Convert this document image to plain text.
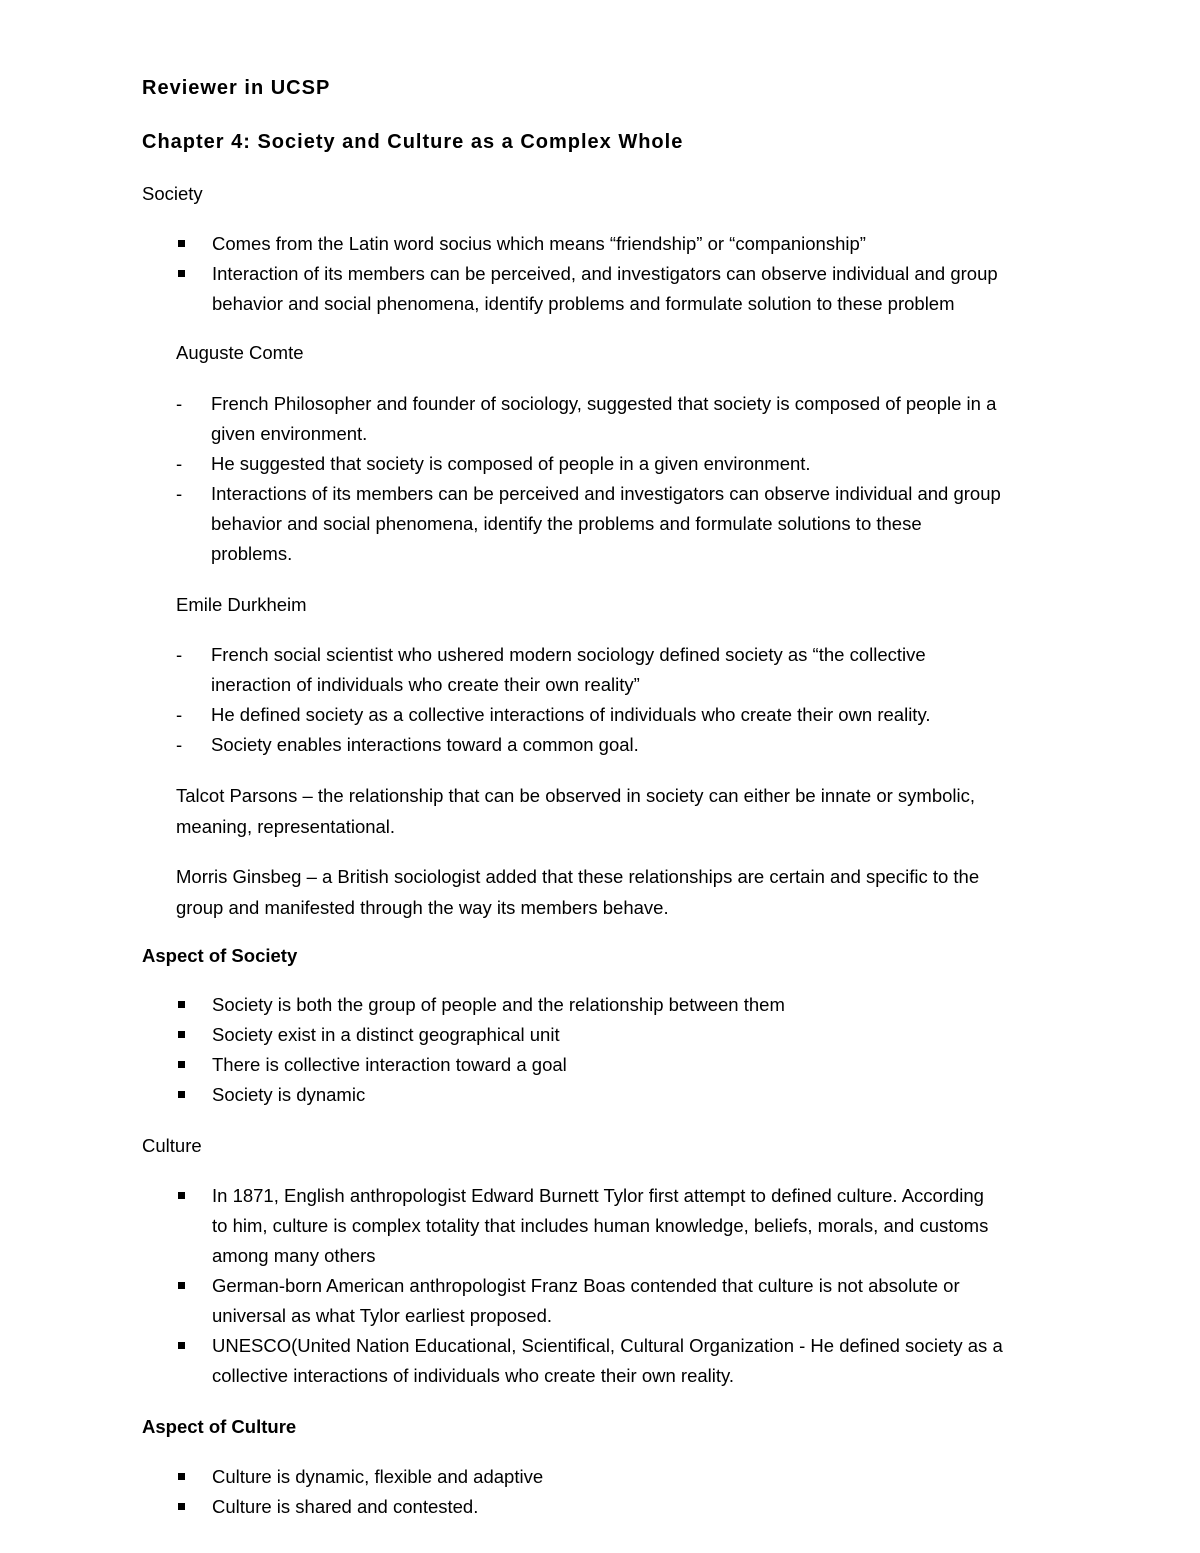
Reviewer in UCSP

Chapter 4: Society and Culture as a Complex Whole

Society

Comes from the Latin word socius which means “friendship” or “companionship”
Interaction of its members can be perceived, and investigators can observe individual and group
behavior and social phenomena, identify problems and formulate solution to these problem

Auguste Comte

- French Philosopher and founder of sociology, suggested that society is composed of people in a
given environment.
- He suggested that society is composed of people in a given environment.
- Interactions of its members can be perceived and investigators can observe individual and group
behavior and social phenomena, identify the problems and formulate solutions to these
problems.

Emile Durkheim

- French social scientist who ushered modern sociology defined society as “the collective
ineraction of individuals who create their own reality”
- He defined society as a collective interactions of individuals who create their own reality.
- Society enables interactions toward a common goal.
Talcot Parsons – the relationship that can be observed in society can either be innate or symbolic,
meaning, representational.
Morris Ginsbeg – a British sociologist added that these relationships are certain and specific to the
group and manifested through the way its members behave.

Aspect of Society

Society is both the group of people and the relationship between them
Society exist in a distinct geographical unit
There is collective interaction toward a goal
Society is dynamic

Culture

In 1871, English anthropologist Edward Burnett Tylor first attempt to defined culture. According
to him, culture is complex totality that includes human knowledge, beliefs, morals, and customs
among many others
German-born American anthropologist Franz Boas contended that culture is not absolute or
universal as what Tylor earliest proposed.
UNESCO(United Nation Educational, Scientifical, Cultural Organization - He defined society as a
collective interactions of individuals who create their own reality.

Aspect of Culture

Culture is dynamic, flexible and adaptive
Culture is shared and contested.
